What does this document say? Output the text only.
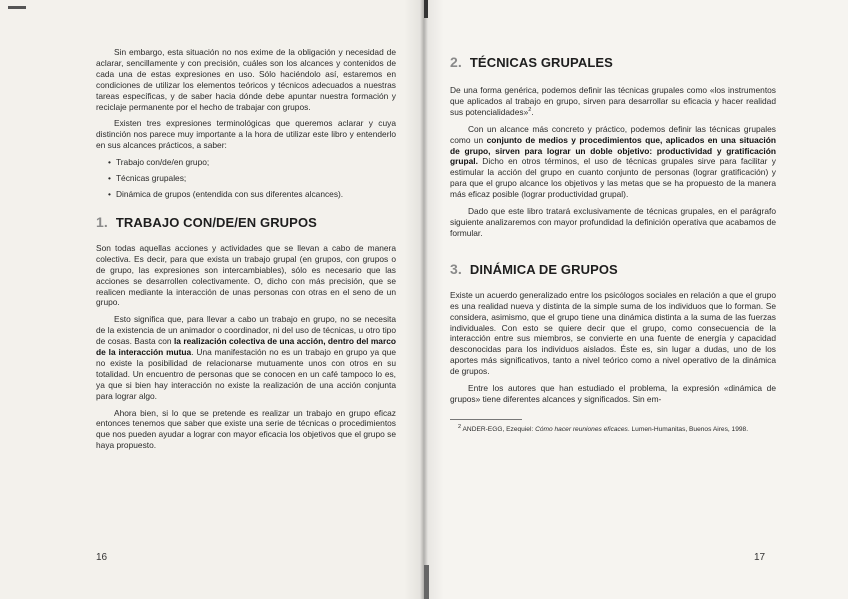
Sin embargo, esta situación no nos exime de la obligación y necesidad de aclarar, sencillamente y con precisión, cuáles son los alcances y contenidos de cada una de estas expresiones en uso. Sólo haciéndolo así, estaremos en condiciones de utilizar los elementos teóricos y técnicos adecuados a nuestras tareas específicas, y de saber hacia dónde debe apuntar nuestra formación y reciclaje permanente por el hecho de trabajar con grupos.

Existen tres expresiones terminológicas que queremos aclarar y cuya distinción nos parece muy importante a la hora de utilizar este libro y entenderlo en sus alcances prácticos, a saber:

• Trabajo con/de/en grupo;
• Técnicas grupales;
• Dinámica de grupos (entendida con sus diferentes alcances).
1. TRABAJO CON/DE/EN GRUPOS

Son todas aquellas acciones y actividades que se llevan a cabo de manera colectiva. Es decir, para que exista un trabajo grupal (en grupos, con grupos o de grupo, las expresiones son intercambiables), sólo es necesario que las acciones se desarrollen colectivamente. O, dicho con más precisión, que se realicen mediante la interacción de unas personas con otras en el seno de un grupo.

Esto significa que, para llevar a cabo un trabajo en grupo, no se necesita de la existencia de un animador o coordinador, ni del uso de técnicas, u otro tipo de cosas. Basta con la realización colectiva de una acción, dentro del marco de la interacción mutua. Una manifestación no es un trabajo en grupo ya que no existe la posibilidad de relacionarse mutuamente unos con otros en su totalidad. Un encuentro de personas que se conocen en un café tampoco lo es, ya que si bien hay interacción no existe la realización de una acción conjunta para lograr algo.

Ahora bien, si lo que se pretende es realizar un trabajo en grupo eficaz entonces tenemos que saber que existe una serie de técnicas o procedimientos que nos pueden ayudar a lograr con mayor eficacia los objetivos que el grupo se haya propuesto.

16
2. TÉCNICAS GRUPALES

De una forma genérica, podemos definir las técnicas grupales como «los instrumentos que aplicados al trabajo en grupo, sirven para desarrollar su eficacia y hacer realidad sus potencialidades»$^2$.

Con un alcance más concreto y práctico, podemos definir las técnicas grupales como un conjunto de medios y procedimientos que, aplicados en una situación de grupo, sirven para lograr un doble objetivo: productividad y gratificación grupal. Dicho en otros términos, el uso de técnicas grupales sirve para facilitar y estimular la acción del grupo en cuanto conjunto de personas (lograr gratificación) y para que el grupo alcance los objetivos y las metas que se ha propuesto de la manera más eficaz posible (lograr productividad grupal).

Dado que este libro tratará exclusivamente de técnicas grupales, en el parágrafo siguiente analizaremos con mayor profundidad la definición operativa que acabamos de formular.

3. DINÁMICA DE GRUPOS

Existe un acuerdo generalizado entre los psicólogos sociales en relación a que el grupo es una realidad nueva y distinta de la simple suma de los individuos que lo forman. Se considera, asimismo, que el grupo tiene una dinámica distinta a la suma de las fuerzas individuales. Con esto se quiere decir que el grupo, como consecuencia de la interacción entre sus miembros, se convierte en una fuente de energía y capacidad desconocidas para los individuos aislados. Éste es, sin lugar a dudas, uno de los aportes más significativos, tanto a nivel teórico como a nivel operativo de la dinámica de grupos.

Entre los autores que han estudiado el problema, la expresión «dinámica de grupos» tiene diferentes alcances y significados. Sin em-

$^2$ ANDER-EGG, Ezequiel: Cómo hacer reuniones eficaces. Lumen-Humanitas, Buenos Aires, 1998.

17
